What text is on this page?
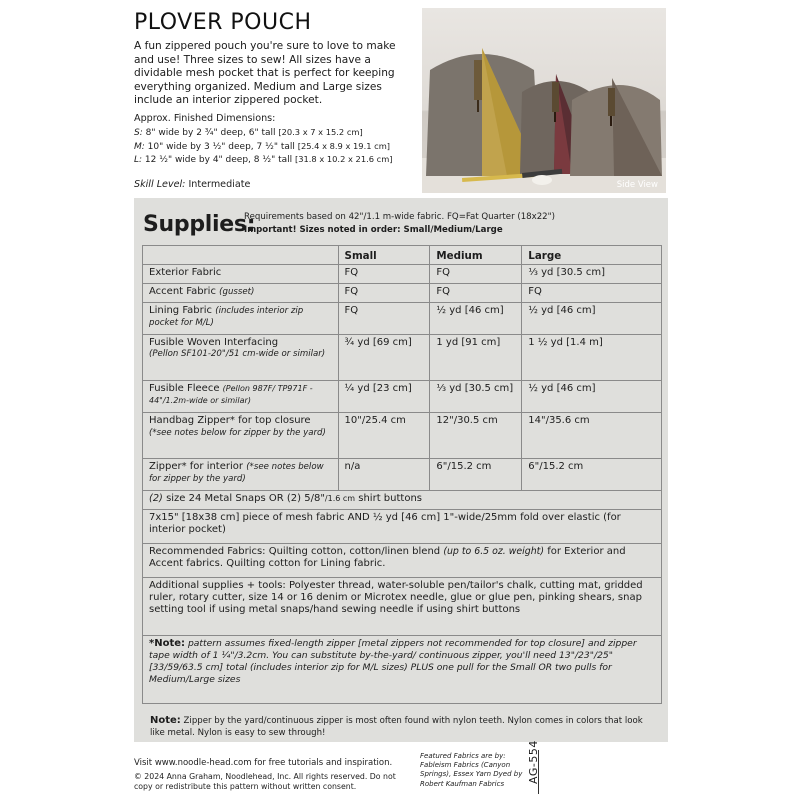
PLOVER POUCH

A fun zippered pouch you're sure to love to make and use! Three sizes to sew! All sizes have a dividable mesh pocket that is perfect for keeping everything organized. Medium and Large sizes include an interior zippered pocket.

Approx. Finished Dimensions:
S: 8" wide by 2 ¾" deep, 6" tall [20.3 x 7 x 15.2 cm]
M: 10" wide by 3 ½" deep, 7 ½" tall [25.4 x 8.9 x 19.1 cm]
L: 12 ½" wide by 4" deep, 8 ½" tall [31.8 x 10.2 x 21.6 cm]
Skill Level: Intermediate	Side View
Supplies:
Requirements based on 42"/1.1 m-wide fabric. FQ=Fat Quarter (18x22")
Important! Sizes noted in order: Small/Medium/Large
	Small	Medium	Large
Exterior Fabric	FQ	FQ	⅓ yd [30.5 cm]
Accent Fabric (gusset)	FQ	FQ	FQ
Lining Fabric (includes interior zip pocket for M/L)	FQ	½ yd [46 cm]	½ yd [46 cm]

Fusible Woven Interfacing
(Pellon SF101-20"/51 cm-wide or similar)	¾ yd [69 cm]	1 yd [91 cm]	1 ½ yd [1.4 m]
Fusible Fleece (Pellon 987F/ TP971F - 44"/1.2m-wide or similar)	¼ yd [23 cm]	⅓ yd [30.5 cm]	½ yd [46 cm]
Handbag Zipper* for top closure (*see notes below for zipper by the yard)	10"/25.4 cm	12"/30.5 cm	14"/35.6 cm
Zipper* for interior (*see notes below for zipper by the yard)	n/a	6"/15.2 cm	6"/15.2 cm
(2) size 24 Metal Snaps OR (2) 5/8"/1.6 cm shirt buttons			
7x15" [18x38 cm] piece of mesh fabric AND ½ yd [46 cm] 1"-wide/25mm fold over elastic (for interior pocket)			
Recommended Fabrics: Quilting cotton, cotton/linen blend (up to 6.5 oz. weight) for Exterior and Accent fabrics. Quilting cotton for Lining fabric.			
Additional supplies + tools: Polyester thread, water-soluble pen/tailor's chalk, cutting mat, gridded ruler, rotary cutter, size 14 or 16 denim or Microtex needle, glue or glue pen, pinking shears, snap setting tool if using metal snaps/hand sewing needle if using shirt buttons			
*Note: pattern assumes fixed-length zipper [metal zippers not recommended for top closure] and zipper tape width of 1 ¼"/3.2cm. You can substitute by-the-yard/ continuous zipper, you'll need 13"/23"/25" [33/59/63.5 cm] total (includes interior zip for M/L sizes) PLUS one pull for the Small OR two pulls for Medium/Large sizes			
Note: Zipper by the yard/continuous zipper is most often found with nylon teeth. Nylon comes in colors that look like metal. Nylon is easy to sew through!
Visit www.noodle-head.com for free tutorials and inspiration.
© 2024 Anna Graham, Noodlehead, Inc. All rights reserved. Do not copy or redistribute this pattern without written consent.
Featured Fabrics are by: Fableism Fabrics (Canyon Springs), Essex Yarn Dyed by Robert Kaufman Fabrics	AG-554
